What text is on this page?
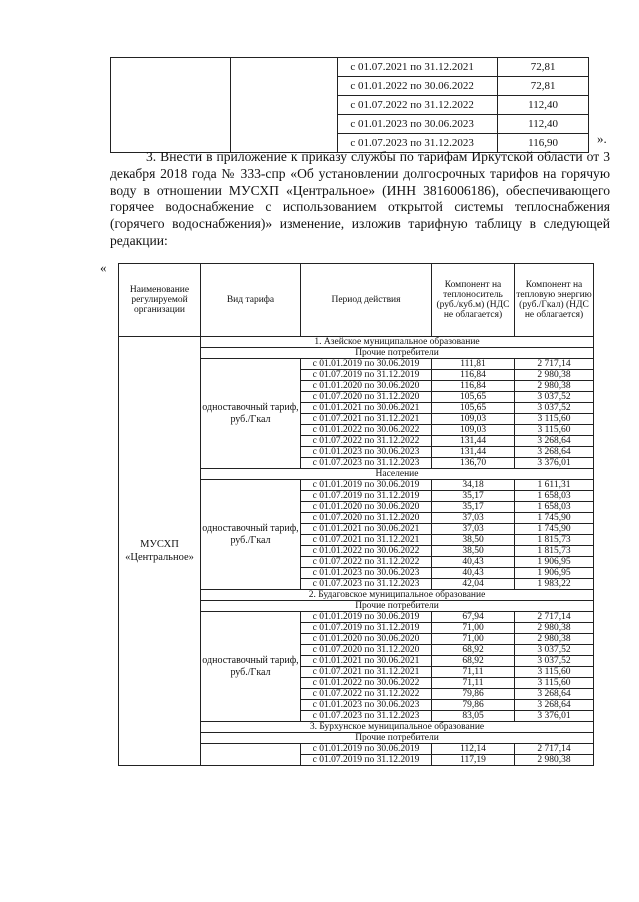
		с 01.07.2021 по 31.12.2021	72,81
		с 01.01.2022 по 30.06.2022	72,81
		с 01.07.2022 по 31.12.2022	112,40
		с 01.01.2023 по 30.06.2023	112,40
		с 01.07.2023 по 31.12.2023	116,90	».

3. Внести в приложение к приказу службы по тарифам Иркутской области от 3 декабря 2018 года № 333-спр «Об установлении долгосрочных тарифов на горячую воду в отношении МУСХП «Центральное» (ИНН 3816006186), обеспечивающего горячее водоснабжение с использованием открытой системы теплоснабжения (горячего водоснабжения)» изменение, изложив тарифную таблицу в следующей редакции:

«
Наименование регулируемой организации	Вид тарифа	Период действия	Компонент на теплоноситель (руб./куб.м) (НДС не облагается)	Компонент на тепловую энергию (руб./Гкал) (НДС не облагается)
МУСХП «Центральное»	1. Азейское муниципальное образование			
	Прочие потребители			
	одноставочный тариф, руб./Гкал	с 01.01.2019 по 30.06.2019	111,81	2 717,14
		с 01.07.2019 по 31.12.2019	116,84	2 980,38
		с 01.01.2020 по 30.06.2020	116,84	2 980,38
		с 01.07.2020 по 31.12.2020	105,65	3 037,52
		с 01.01.2021 по 30.06.2021	105,65	3 037,52
		с 01.07.2021 по 31.12.2021	109,03	3 115,60
		с 01.01.2022 по 30.06.2022	109,03	3 115,60
		с 01.07.2022 по 31.12.2022	131,44	3 268,64
		с 01.01.2023 по 30.06.2023	131,44	3 268,64
		с 01.07.2023 по 31.12.2023	136,70	3 376,01
	Население			
	одноставочный тариф, руб./Гкал	с 01.01.2019 по 30.06.2019	34,18	1 611,31
		с 01.07.2019 по 31.12.2019	35,17	1 658,03
		с 01.01.2020 по 30.06.2020	35,17	1 658,03
		с 01.07.2020 по 31.12.2020	37,03	1 745,90
		с 01.01.2021 по 30.06.2021	37,03	1 745,90
		с 01.07.2021 по 31.12.2021	38,50	1 815,73
		с 01.01.2022 по 30.06.2022	38,50	1 815,73
		с 01.07.2022 по 31.12.2022	40,43	1 906,95
		с 01.01.2023 по 30.06.2023	40,43	1 906,95
		с 01.07.2023 по 31.12.2023	42,04	1 983,22
	2. Будаговское муниципальное образование			
	Прочие потребители			
	одноставочный тариф, руб./Гкал	с 01.01.2019 по 30.06.2019	67,94	2 717,14
		с 01.07.2019 по 31.12.2019	71,00	2 980,38
		с 01.01.2020 по 30.06.2020	71,00	2 980,38
		с 01.07.2020 по 31.12.2020	68,92	3 037,52
		с 01.01.2021 по 30.06.2021	68,92	3 037,52
		с 01.07.2021 по 31.12.2021	71,11	3 115,60
		с 01.01.2022 по 30.06.2022	71,11	3 115,60
		с 01.07.2022 по 31.12.2022	79,86	3 268,64
		с 01.01.2023 по 30.06.2023	79,86	3 268,64
		с 01.07.2023 по 31.12.2023	83,05	3 376,01
	3. Бурхунское муниципальное образование			
	Прочие потребители			
		с 01.01.2019 по 30.06.2019	112,14	2 717,14
		с 01.07.2019 по 31.12.2019	117,19	2 980,38
